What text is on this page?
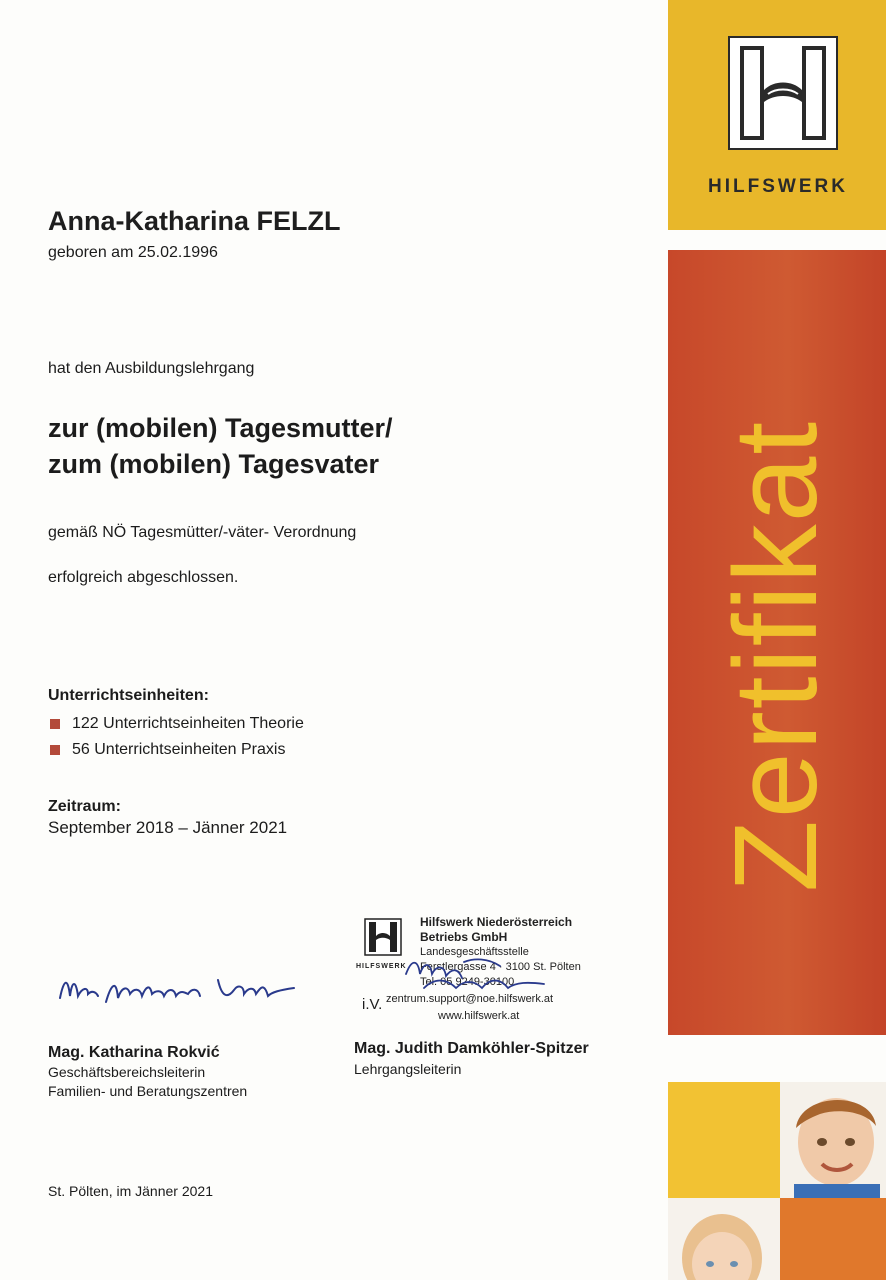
HILFSWERK
Zertifikat
Anna-Katharina FELZL
geboren am 25.02.1996
hat den Ausbildungslehrgang
zur (mobilen) Tagesmutter/
zum (mobilen) Tagesvater
gemäß NÖ Tagesmütter/-väter- Verordnung
erfolgreich abgeschlossen.
Unterrichtseinheiten:
122 Unterrichtseinheiten Theorie
56 Unterrichtseinheiten Praxis
Zeitraum:
September 2018 – Jänner 2021
HILFSWERK
Hilfswerk Niederösterreich
Betriebs GmbH
Landesgeschäftsstelle
Ferstlergasse 4 · 3100 St. Pölten
Tel. 05 9249-30100
i.V. zentrum.support@noe.hilfswerk.at
www.hilfswerk.at
Mag. Katharina Rokvić
Geschäftsbereichsleiterin
Familien- und Beratungszentren
Mag. Judith Damköhler-Spitzer
Lehrgangsleiterin
St. Pölten, im Jänner 2021
